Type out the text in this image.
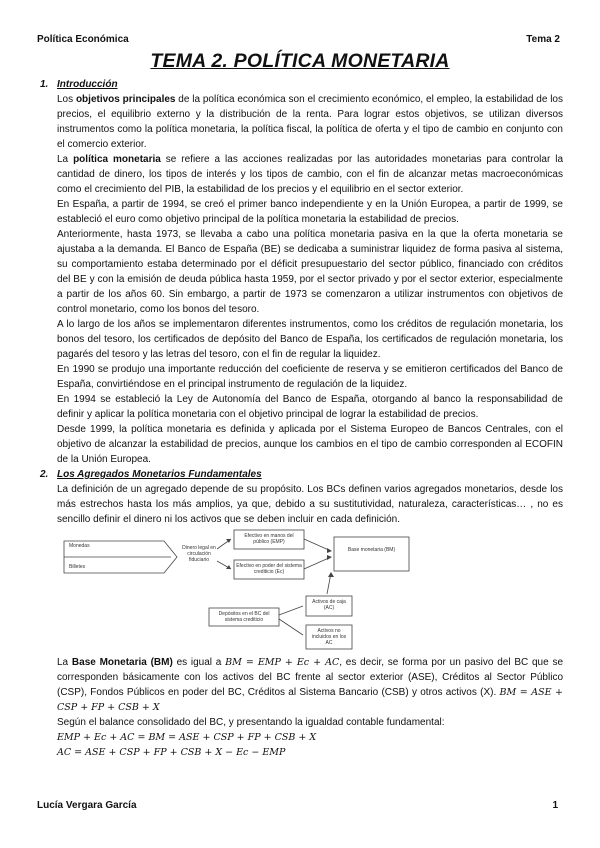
Política Económica	Tema 2
TEMA 2. POLÍTICA MONETARIA
1. Introducción

Los objetivos principales de la política económica son el crecimiento económico, el empleo, la estabilidad de los precios, el equilibrio externo y la distribución de la renta. Para lograr estos objetivos, se utilizan diversos instrumentos como la política monetaria, la política fiscal, la política de oferta y el tipo de cambio en conjunto con el comercio exterior.

La política monetaria se refiere a las acciones realizadas por las autoridades monetarias para controlar la cantidad de dinero, los tipos de interés y los tipos de cambio, con el fin de alcanzar metas macroeconómicas como el crecimiento del PIB, la estabilidad de los precios y el equilibrio en el sector exterior.

En España, a partir de 1994, se creó el primer banco independiente y en la Unión Europea, a partir de 1999, se estableció el euro como objetivo principal de la política monetaria la estabilidad de precios.

Anteriormente, hasta 1973, se llevaba a cabo una política monetaria pasiva en la que la oferta monetaria se ajustaba a la demanda. El Banco de España (BE) se dedicaba a suministrar liquidez de forma pasiva al sistema, su comportamiento estaba determinado por el déficit presupuestario del sector público, financiado con créditos del BE y con la emisión de deuda pública hasta 1959, por el sector privado y por el sector exterior, especialmente a partir de los años 60. Sin embargo, a partir de 1973 se comenzaron a utilizar instrumentos con objetivos de control monetario, como los bonos del tesoro.

A lo largo de los años se implementaron diferentes instrumentos, como los créditos de regulación monetaria, los bonos del tesoro, los certificados de depósito del Banco de España, los certificados de regulación monetaria, los pagarés del tesoro y las letras del tesoro, con el fin de regular la liquidez.

En 1990 se produjo una importante reducción del coeficiente de reserva y se emitieron certificados del Banco de España, convirtiéndose en el principal instrumento de regulación de la liquidez.

En 1994 se estableció la Ley de Autonomía del Banco de España, otorgando al banco la responsabilidad de definir y aplicar la política monetaria con el objetivo principal de lograr la estabilidad de precios.

Desde 1999, la política monetaria es definida y aplicada por el Sistema Europeo de Bancos Centrales, con el objetivo de alcanzar la estabilidad de precios, aunque los cambios en el tipo de cambio corresponden al ECOFIN de la Unión Europea.

2. Los Agregados Monetarios Fundamentales

La definición de un agregado depende de su propósito. Los BCs definen varios agregados monetarios, desde los más estrechos hasta los más amplios, ya que, debido a su sustitutividad, naturaleza, características… , no es sencillo definir el dinero ni los activos que se deben incluir en cada definición.

Monedas
Billetes
Dinero legal en circulación fiduciario
Efectivo en manos del público (EMP)
Efectivo en poder del sistema crediticio (Ec)
Base monetaria (BM)
Depósitos en el BC del sistema crediticio
Activos de caja (AC)
Activos no incluidos en los AC

La Base Monetaria (BM) es igual a BM = EMP + Ec + AC, es decir, se forma por un pasivo del BC que se corresponden básicamente con los activos del BC frente al sector exterior (ASE), Créditos al Sector Público (CSP), Fondos Públicos en poder del BC, Créditos al Sistema Bancario (CSB) y otros activos (X). BM = ASE + CSP + FP + CSB + X

Según el balance consolidado del BC, y presentando la igualdad contable fundamental:

EMP + Ec + AC = BM = ASE + CSP + FP + CSB + X
AC = ASE + CSP + FP + CSB + X − Ec − EMP
Lucía Vergara García	1
